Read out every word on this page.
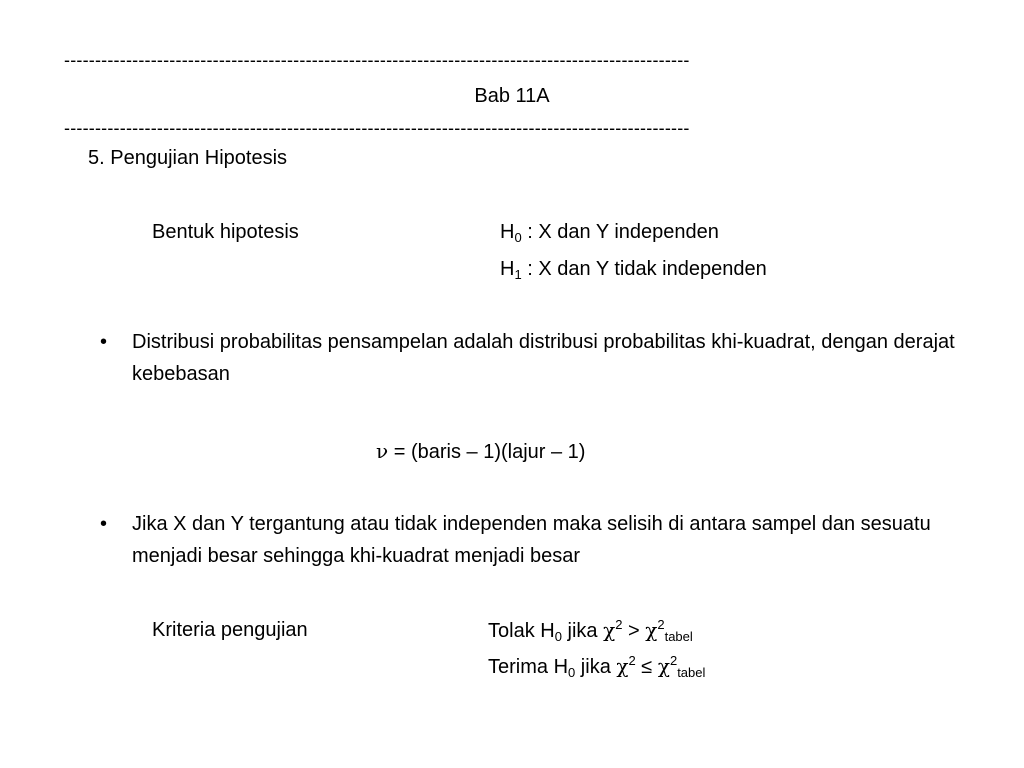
-----------------------------------------------------------------------------------------------------
Bab 11A
-----------------------------------------------------------------------------------------------------
5. Pengujian Hipotesis
Bentuk hipotesis	$H_0$ : X dan Y independen
$H_1$ : X dan Y tidak independen
•	Distribusi probabilitas pensampelan adalah distribusi probabilitas khi-kuadrat, dengan derajat kebebasan
ν = (baris – 1)(lajur – 1)
•	Jika X dan Y tergantung atau tidak independen maka selisih di antara sampel dan sesuatu menjadi besar sehingga khi-kuadrat menjadi besar
Kriteria pengujian	Tolak $H_0$ jika $\chi^2 > \chi^2_{tabel}$
Terima $H_0$ jika $\chi^2 \le \chi^2_{tabel}$
